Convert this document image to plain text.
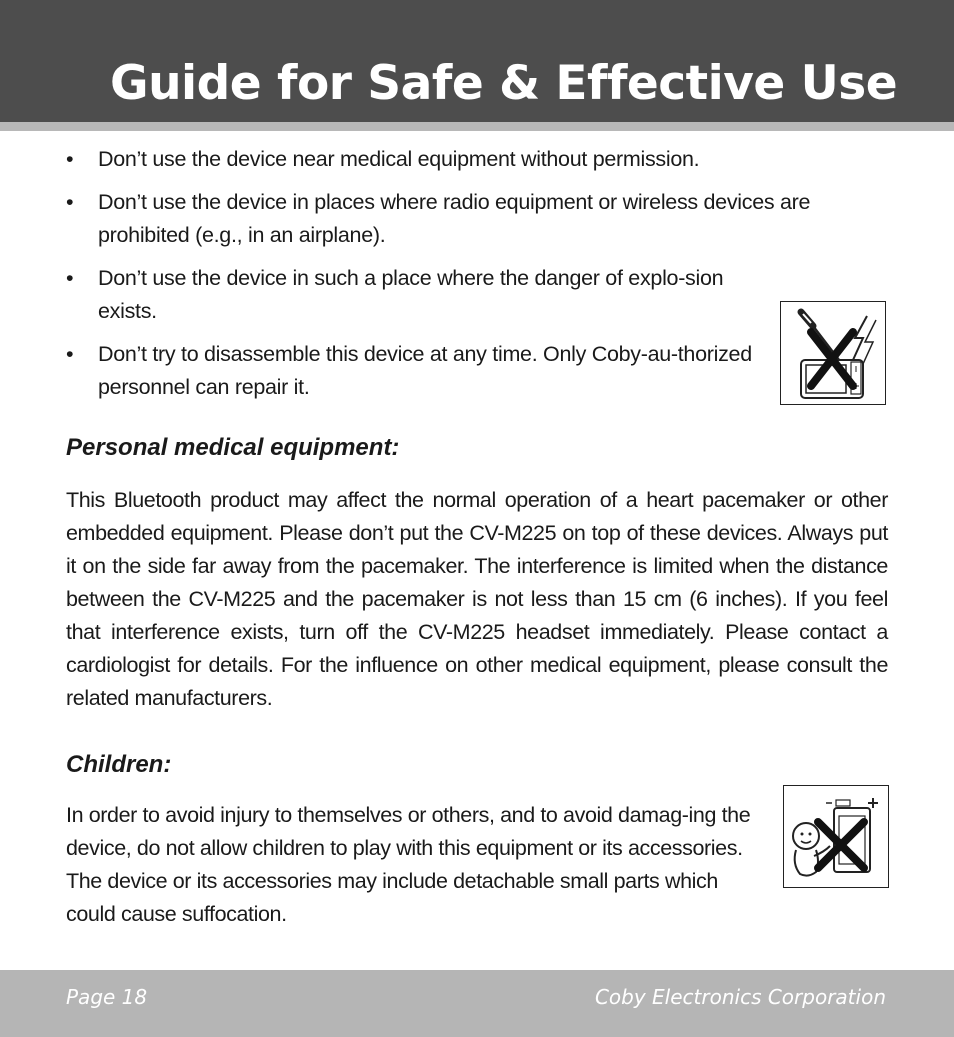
Guide for Safe & Effective Use
• Don’t use the device near medical equipment without permission.
• Don’t use the device in places where radio equipment or wireless devices are prohibited (e.g., in an airplane).
• Don’t use the device in such a place where the danger of explo-sion exists.
• Don’t try to disassemble this device at any time. Only Coby-au-thorized personnel can repair it.
Personal medical equipment:

This Bluetooth product may affect the normal operation of a heart pacemaker or other embedded equipment. Please don’t put the CV-M225 on top of these devices. Always put it on the side far away from the pacemaker. The interference is limited when the distance between the CV-M225 and the pacemaker is not less than 15 cm (6 inches). If you feel that interference exists, turn off the CV-M225 headset immediately. Please contact a cardiologist for details. For the influence on other medical equipment, please consult the related manufacturers.

Children:

In order to avoid injury to themselves or others, and to avoid damag-ing the device, do not allow children to play with this equipment or its accessories. The device or its accessories may include detachable small parts which could cause suffocation.

Page 18	Coby Electronics Corporation
